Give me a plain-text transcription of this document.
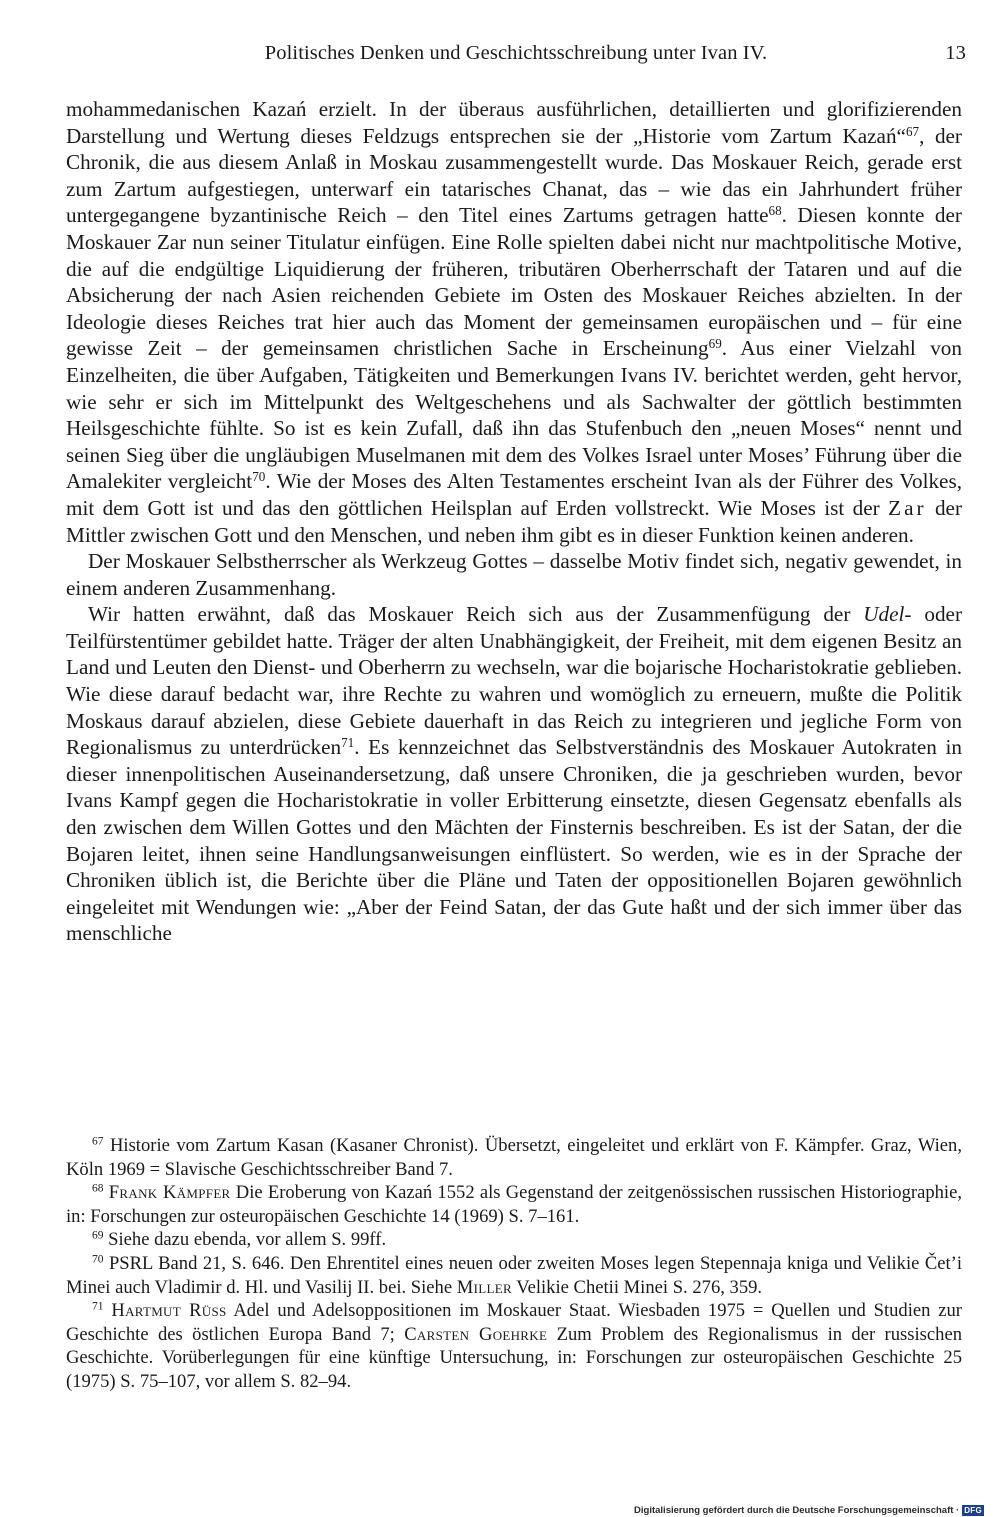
Politisches Denken und Geschichtsschreibung unter Ivan IV.	13

mohammedanischen Kazań erzielt. In der überaus ausführlichen, detaillierten und glorifizierenden Darstellung und Wertung dieses Feldzugs entsprechen sie der „Historie vom Zartum Kazań“$^{67}$, der Chronik, die aus diesem Anlaß in Moskau zusammengestellt wurde. Das Moskauer Reich, gerade erst zum Zartum aufgestiegen, unterwarf ein tatarisches Chanat, das – wie das ein Jahrhundert früher untergegangene byzantinische Reich – den Titel eines Zartums getragen hatte$^{68}$. Diesen konnte der Moskauer Zar nun seiner Titulatur einfügen. Eine Rolle spielten dabei nicht nur machtpolitische Motive, die auf die endgültige Liquidierung der früheren, tributären Oberherrschaft der Tataren und auf die Absicherung der nach Asien reichenden Gebiete im Osten des Moskauer Reiches abzielten. In der Ideologie dieses Reiches trat hier auch das Moment der gemeinsamen europäischen und – für eine gewisse Zeit – der gemeinsamen christlichen Sache in Erscheinung$^{69}$. Aus einer Vielzahl von Einzelheiten, die über Aufgaben, Tätigkeiten und Bemerkungen Ivans IV. berichtet werden, geht hervor, wie sehr er sich im Mittelpunkt des Weltgeschehens und als Sachwalter der göttlich bestimmten Heilsgeschichte fühlte. So ist es kein Zufall, daß ihn das Stufenbuch den „neuen Moses“ nennt und seinen Sieg über die ungläubigen Muselmanen mit dem des Volkes Israel unter Moses’ Führung über die Amalekiter vergleicht$^{70}$. Wie der Moses des Alten Testamentes erscheint Ivan als der Führer des Volkes, mit dem Gott ist und das den göttlichen Heilsplan auf Erden vollstreckt. Wie Moses ist der Zar der Mittler zwischen Gott und den Menschen, und neben ihm gibt es in dieser Funktion keinen anderen.

Der Moskauer Selbstherrscher als Werkzeug Gottes – dasselbe Motiv findet sich, negativ gewendet, in einem anderen Zusammenhang.

Wir hatten erwähnt, daß das Moskauer Reich sich aus der Zusammenfügung der Udel- oder Teilfürstentümer gebildet hatte. Träger der alten Unabhängigkeit, der Freiheit, mit dem eigenen Besitz an Land und Leuten den Dienst- und Oberherrn zu wechseln, war die bojarische Hocharistokratie geblieben. Wie diese darauf bedacht war, ihre Rechte zu wahren und womöglich zu erneuern, mußte die Politik Moskaus darauf abzielen, diese Gebiete dauerhaft in das Reich zu integrieren und jegliche Form von Regionalismus zu unterdrücken$^{71}$. Es kennzeichnet das Selbstverständnis des Moskauer Autokraten in dieser innenpolitischen Auseinandersetzung, daß unsere Chroniken, die ja geschrieben wurden, bevor Ivans Kampf gegen die Hocharistokratie in voller Erbitterung einsetzte, diesen Gegensatz ebenfalls als den zwischen dem Willen Gottes und den Mächten der Finsternis beschreiben. Es ist der Satan, der die Bojaren leitet, ihnen seine Handlungsanweisungen einflüstert. So werden, wie es in der Sprache der Chroniken üblich ist, die Berichte über die Pläne und Taten der oppositionellen Bojaren gewöhnlich eingeleitet mit Wendungen wie: „Aber der Feind Satan, der das Gute haßt und der sich immer über das menschliche

$^{67}$ Historie vom Zartum Kasan (Kasaner Chronist). Übersetzt, eingeleitet und erklärt von F. Kämpfer. Graz, Wien, Köln 1969 = Slavische Geschichtsschreiber Band 7.

$^{68}$ Frank Kämpfer Die Eroberung von Kazań 1552 als Gegenstand der zeitgenössischen russischen Historiographie, in: Forschungen zur osteuropäischen Geschichte 14 (1969) S. 7–161.

$^{69}$ Siehe dazu ebenda, vor allem S. 99ff.

$^{70}$ PSRL Band 21, S. 646. Den Ehrentitel eines neuen oder zweiten Moses legen Stepennaja kniga und Velikie Čet’i Minei auch Vladimir d. Hl. und Vasilij II. bei. Siehe Miller Velikie Chetii Minei S. 276, 359.

$^{71}$ Hartmut Rüss Adel und Adelsoppositionen im Moskauer Staat. Wiesbaden 1975 = Quellen und Studien zur Geschichte des östlichen Europa Band 7; Carsten Goehrke Zum Problem des Regionalismus in der russischen Geschichte. Vorüberlegungen für eine künftige Untersuchung, in: Forschungen zur osteuropäischen Geschichte 25 (1975) S. 75–107, vor allem S. 82–94.

Digitalisierung gefördert durch die Deutsche Forschungsgemeinschaft · DFG
